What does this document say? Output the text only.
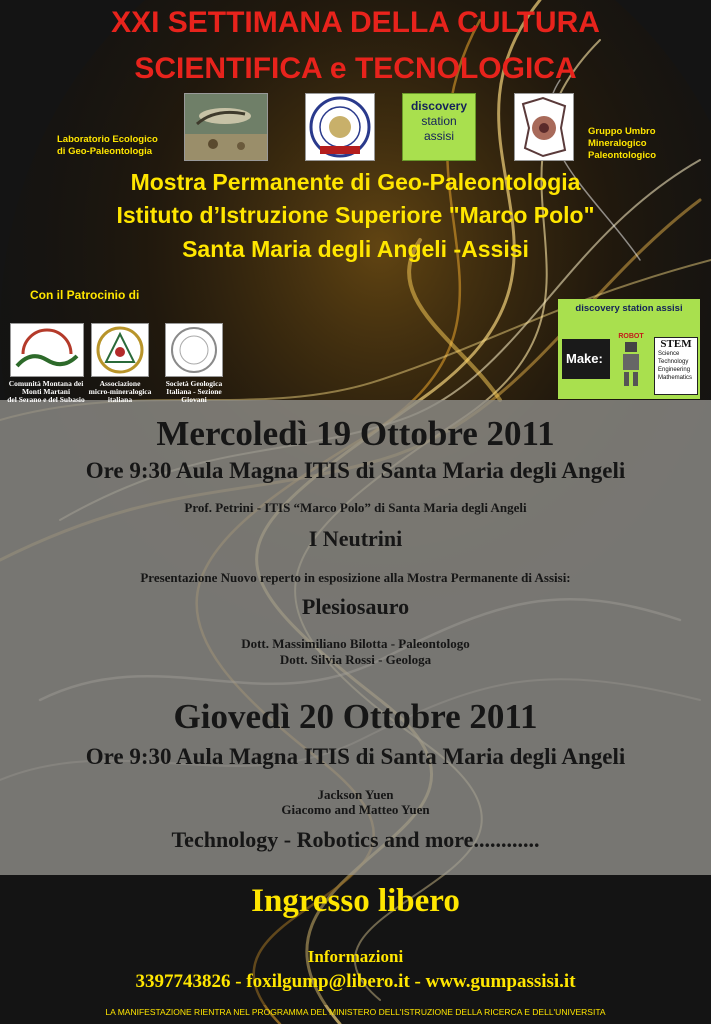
XXI SETTIMANA DELLA CULTURA
SCIENTIFICA e TECNOLOGICA
Laboratorio Ecologico
di Geo-Paleontologia
Gruppo Umbro
Mineralogico
Paleontologico
discovery
station
assisi
Mostra Permanente di Geo-Paleontologia
Istituto d’Istruzione Superiore "Marco Polo"
Santa Maria degli Angeli -Assisi
Con il Patrocinio di
Comunità Montana dei
Monti Martani
del Serano e del Subasio
Associazione
micro-mineralogica
italiana
Società Geologica
Italiana - Sezione
Giovani
discovery station assisi
Make:
ROBOT
STEM
Science
Technology
Engineering
Mathematics
Mercoledì 19 Ottobre 2011
Ore 9:30 Aula Magna ITIS di Santa Maria degli Angeli
Prof. Petrini - ITIS “Marco Polo” di Santa Maria degli Angeli
I Neutrini
Presentazione Nuovo reperto in esposizione alla Mostra Permanente di Assisi:
Plesiosauro
Dott. Massimiliano Bilotta - Paleontologo
Dott. Silvia Rossi - Geologa
Giovedì 20 Ottobre 2011
Ore 9:30 Aula Magna ITIS di Santa Maria degli Angeli
Jackson Yuen
Giacomo and Matteo Yuen
Technology - Robotics and more............
Ingresso libero
Informazioni
3397743826 - foxilgump@libero.it - www.gumpassisi.it
LA MANIFESTAZIONE RIENTRA NEL PROGRAMMA DEL MINISTERO DELL'ISTRUZIONE DELLA RICERCA E DELL'UNIVERSITA
